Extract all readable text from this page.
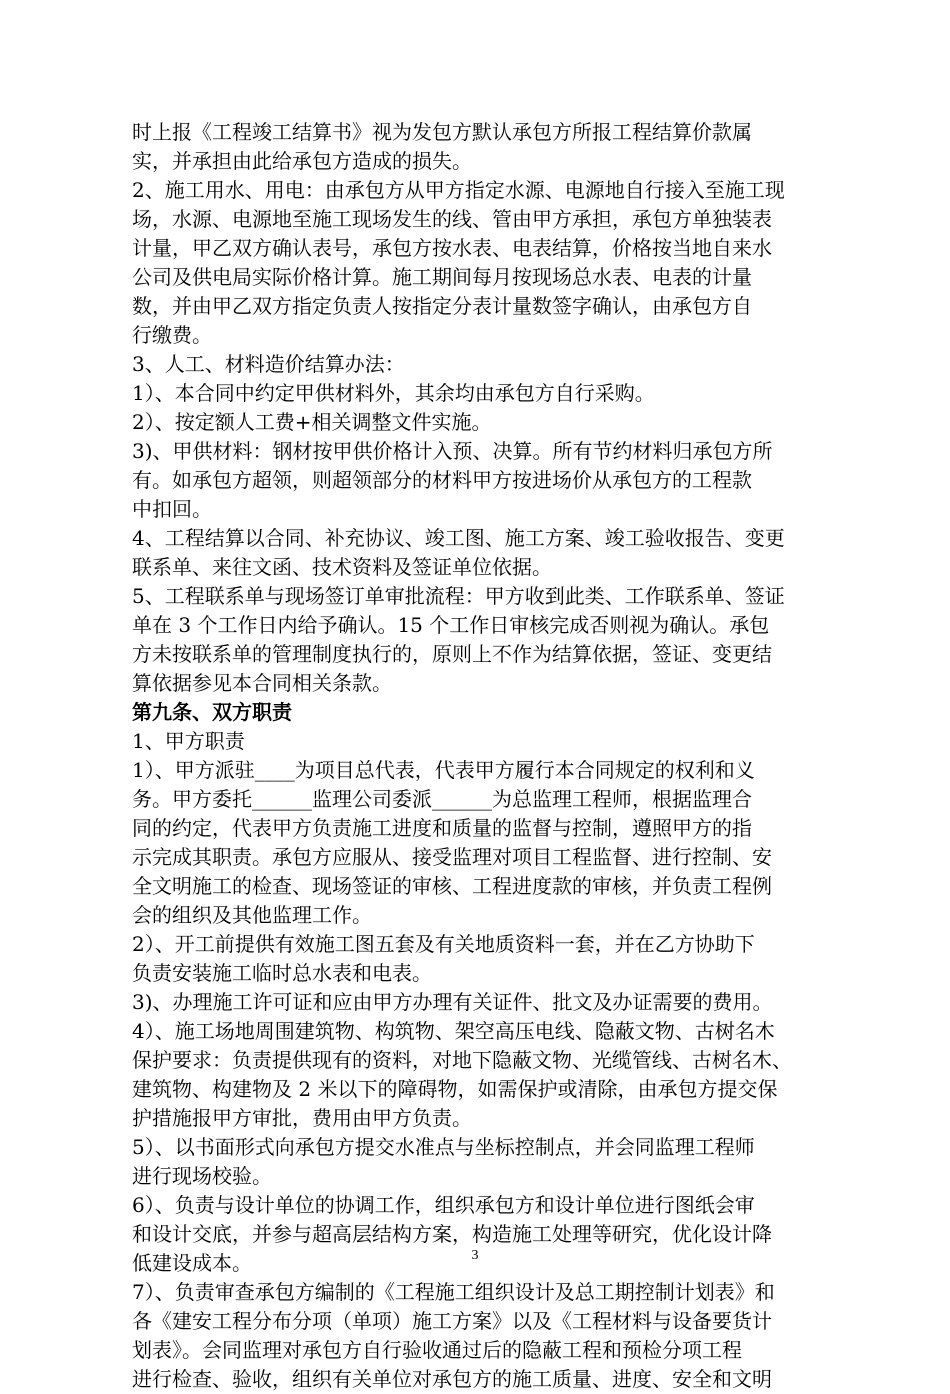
时上报《工程竣工结算书》视为发包方默认承包方所报工程结算价款属
实，并承担由此给承包方造成的损失。
2、施工用水、用电：由承包方从甲方指定水源、电源地自行接入至施工现
场，水源、电源地至施工现场发生的线、管由甲方承担，承包方单独装表
计量，甲乙双方确认表号，承包方按水表、电表结算，价格按当地自来水
公司及供电局实际价格计算。施工期间每月按现场总水表、电表的计量
数，并由甲乙双方指定负责人按指定分表计量数签字确认，由承包方自
行缴费。
3、人工、材料造价结算办法：
1）、本合同中约定甲供材料外，其余均由承包方自行采购。
2）、按定额人工费+相关调整文件实施。
3)、甲供材料：钢材按甲供价格计入预、决算。所有节约材料归承包方所
有。如承包方超领，则超领部分的材料甲方按进场价从承包方的工程款
中扣回。
4、工程结算以合同、补充协议、竣工图、施工方案、竣工验收报告、变更
联系单、来往文函、技术资料及签证单位依据。
5、工程联系单与现场签订单审批流程：甲方收到此类、工作联系单、签证
单在 3 个工作日内给予确认。15 个工作日审核完成否则视为确认。承包
方未按联系单的管理制度执行的，原则上不作为结算依据，签证、变更结
算依据参见本合同相关条款。
第九条、双方职责
1、甲方职责
1）、甲方派驻____为项目总代表，代表甲方履行本合同规定的权利和义
务。甲方委托______监理公司委派______为总监理工程师，根据监理合
同的约定，代表甲方负责施工进度和质量的监督与控制，遵照甲方的指
示完成其职责。承包方应服从、接受监理对项目工程监督、进行控制、安
全文明施工的检查、现场签证的审核、工程进度款的审核，并负责工程例
会的组织及其他监理工作。
2）、开工前提供有效施工图五套及有关地质资料一套，并在乙方协助下
负责安装施工临时总水表和电表。
3)、办理施工许可证和应由甲方办理有关证件、批文及办证需要的费用。
4）、施工场地周围建筑物、构筑物、架空高压电线、隐蔽文物、古树名木
保护要求：负责提供现有的资料，对地下隐蔽文物、光缆管线、古树名木、
建筑物、构建物及 2 米以下的障碍物，如需保护或清除，由承包方提交保
护措施报甲方审批，费用由甲方负责。
5）、以书面形式向承包方提交水准点与坐标控制点，并会同监理工程师
进行现场校验。
6）、负责与设计单位的协调工作，组织承包方和设计单位进行图纸会审
和设计交底，并参与超高层结构方案，构造施工处理等研究，优化设计降
低建设成本。
7）、负责审查承包方编制的《工程施工组织设计及总工期控制计划表》和
各《建安工程分布分项（单项）施工方案》以及《工程材料与设备要货计
划表》。会同监理对承包方自行验收通过后的隐蔽工程和预检分项工程
进行检查、验收，组织有关单位对承包方的施工质量、进度、安全和文明
3
